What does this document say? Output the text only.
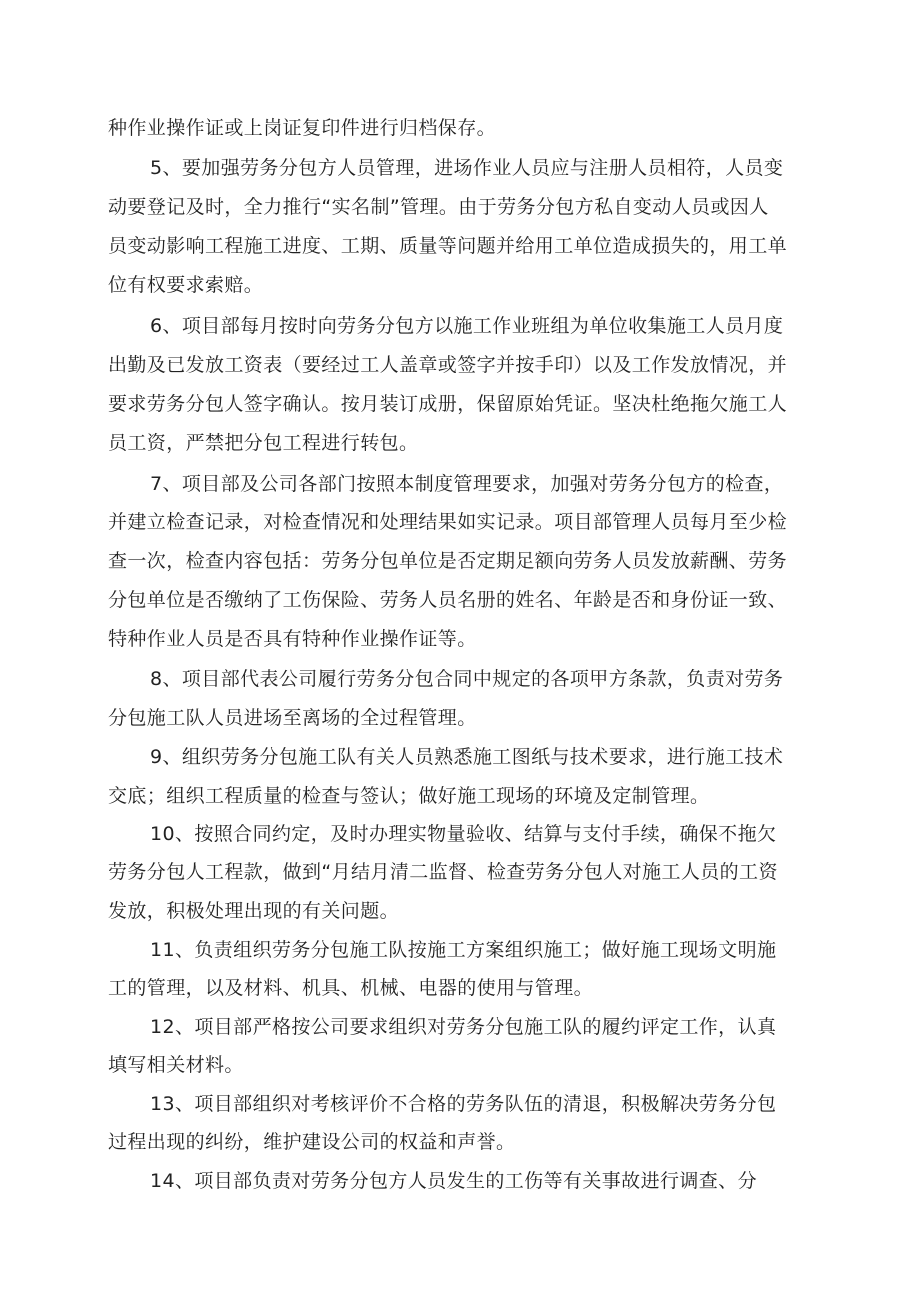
种作业操作证或上岗证复印件进行归档保存。
5、要加强劳务分包方人员管理，进场作业人员应与注册人员相符，人员变
动要登记及时，全力推行“实名制”管理。由于劳务分包方私自变动人员或因人
员变动影响工程施工进度、工期、质量等问题并给用工单位造成损失的，用工单
位有权要求索赔。
6、项目部每月按时向劳务分包方以施工作业班组为单位收集施工人员月度
出勤及已发放工资表（要经过工人盖章或签字并按手印）以及工作发放情况，并
要求劳务分包人签字确认。按月装订成册，保留原始凭证。坚决杜绝拖欠施工人
员工资，严禁把分包工程进行转包。
7、项目部及公司各部门按照本制度管理要求，加强对劳务分包方的检查，
并建立检查记录，对检查情况和处理结果如实记录。项目部管理人员每月至少检
查一次，检查内容包括：劳务分包单位是否定期足额向劳务人员发放薪酬、劳务
分包单位是否缴纳了工伤保险、劳务人员名册的姓名、年龄是否和身份证一致、
特种作业人员是否具有特种作业操作证等。
8、项目部代表公司履行劳务分包合同中规定的各项甲方条款，负责对劳务
分包施工队人员进场至离场的全过程管理。
9、组织劳务分包施工队有关人员熟悉施工图纸与技术要求，进行施工技术
交底；组织工程质量的检查与签认；做好施工现场的环境及定制管理。
10、按照合同约定，及时办理实物量验收、结算与支付手续，确保不拖欠
劳务分包人工程款，做到“月结月清二监督、检查劳务分包人对施工人员的工资
发放，积极处理出现的有关问题。
11、负责组织劳务分包施工队按施工方案组织施工；做好施工现场文明施
工的管理，以及材料、机具、机械、电器的使用与管理。
12、项目部严格按公司要求组织对劳务分包施工队的履约评定工作，认真
填写相关材料。
13、项目部组织对考核评价不合格的劳务队伍的清退，积极解决劳务分包
过程出现的纠纷，维护建设公司的权益和声誉。
14、项目部负责对劳务分包方人员发生的工伤等有关事故进行调查、分
